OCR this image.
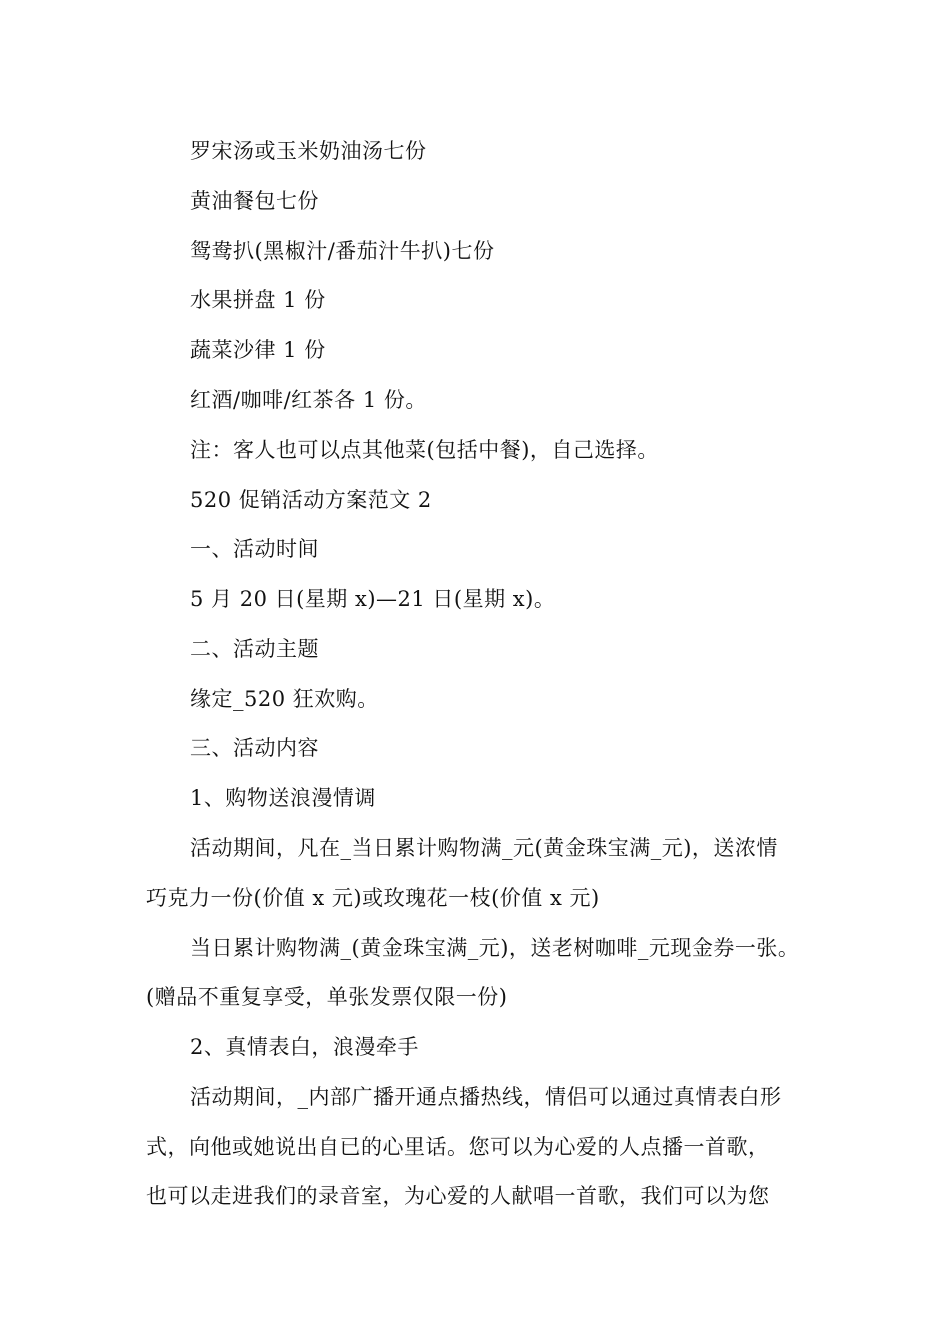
罗宋汤或玉米奶油汤七份
黄油餐包七份
鸳鸯扒(黑椒汁/番茄汁牛扒)七份
水果拼盘 1 份
蔬菜沙律 1 份
红酒/咖啡/红茶各 1 份。
注：客人也可以点其他菜(包括中餐)，自己选择。
520 促销活动方案范文 2
一、活动时间
5 月 20 日(星期 x)—21 日(星期 x)。
二、活动主题
缘定_520 狂欢购。
三、活动内容
1、购物送浪漫情调
活动期间，凡在_当日累计购物满_元(黄金珠宝满_元)，送浓情
巧克力一份(价值 x 元)或玫瑰花一枝(价值 x 元)
当日累计购物满_(黄金珠宝满_元)，送老树咖啡_元现金券一张。
(赠品不重复享受，单张发票仅限一份)
2、真情表白，浪漫牵手
活动期间，_内部广播开通点播热线，情侣可以通过真情表白形
式，向他或她说出自已的心里话。您可以为心爱的人点播一首歌，
也可以走进我们的录音室，为心爱的人献唱一首歌，我们可以为您
